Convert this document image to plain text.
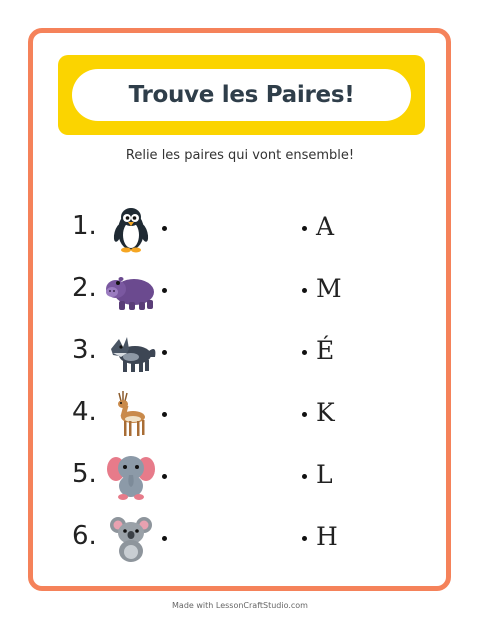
Trouve les Paires!
Relie les paires qui vont ensemble!
1.	A
2.	M
3.	É
4.	K
5.	L
6.	H
Made with LessonCraftStudio.com
